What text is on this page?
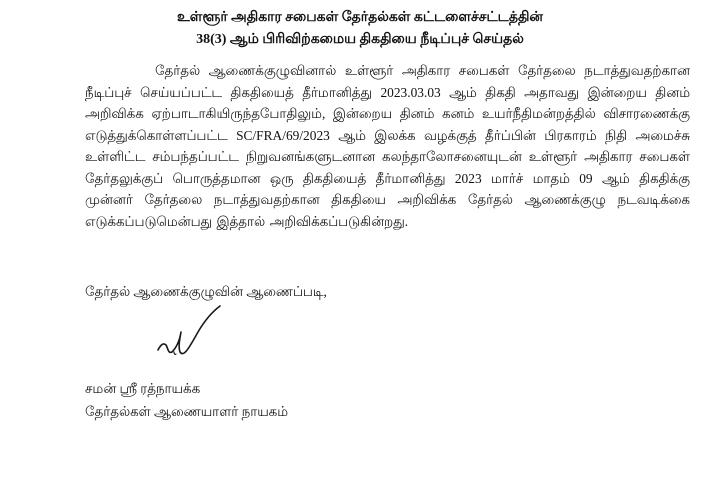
உள்ளூர் அதிகார சபைகள் தேர்தல்கள் கட்டளைச்சட்டத்தின்
38(3) ஆம் பிரிவிற்கமைய திகதியை நீடிப்புச் செய்தல்

தேர்தல் ஆணைக்குழுவினால் உள்ளூர் அதிகார சபைகள் தேர்தலை நடாத்துவதற்கான நீடிப்புச் செய்யப்பட்ட திகதியைத் தீர்மானித்து 2023.03.03 ஆம் திகதி அதாவது இன்றைய தினம் அறிவிக்க ஏற்பாடாகியிருந்தபோதிலும், இன்றைய தினம் கனம் உயர்நீதிமன்றத்தில் விசாரணைக்கு எடுத்துக்கொள்ளப்பட்ட SC/FRA/69/2023 ஆம் இலக்க வழக்குத் தீர்ப்பின் பிரகாரம் நிதி அமைச்சு உள்ளிட்ட சம்பந்தப்பட்ட நிறுவனங்களுடனான கலந்தாலோசனையுடன் உள்ளூர் அதிகார சபைகள் தேர்தலுக்குப் பொருத்தமான ஒரு திகதியைத் தீர்மானித்து 2023 மார்ச் மாதம் 09 ஆம் திகதிக்கு முன்னர் தேர்தலை நடாத்துவதற்கான திகதியை அறிவிக்க தேர்தல் ஆணைக்குழு நடவடிக்கை எடுக்கப்படுமென்பது இத்தால் அறிவிக்கப்படுகின்றது.

தேர்தல் ஆணைக்குழுவின் ஆணைப்படி,
சமன் ஸ்ரீ ரத்நாயக்க
தேர்தல்கள் ஆணையாளர் நாயகம்
